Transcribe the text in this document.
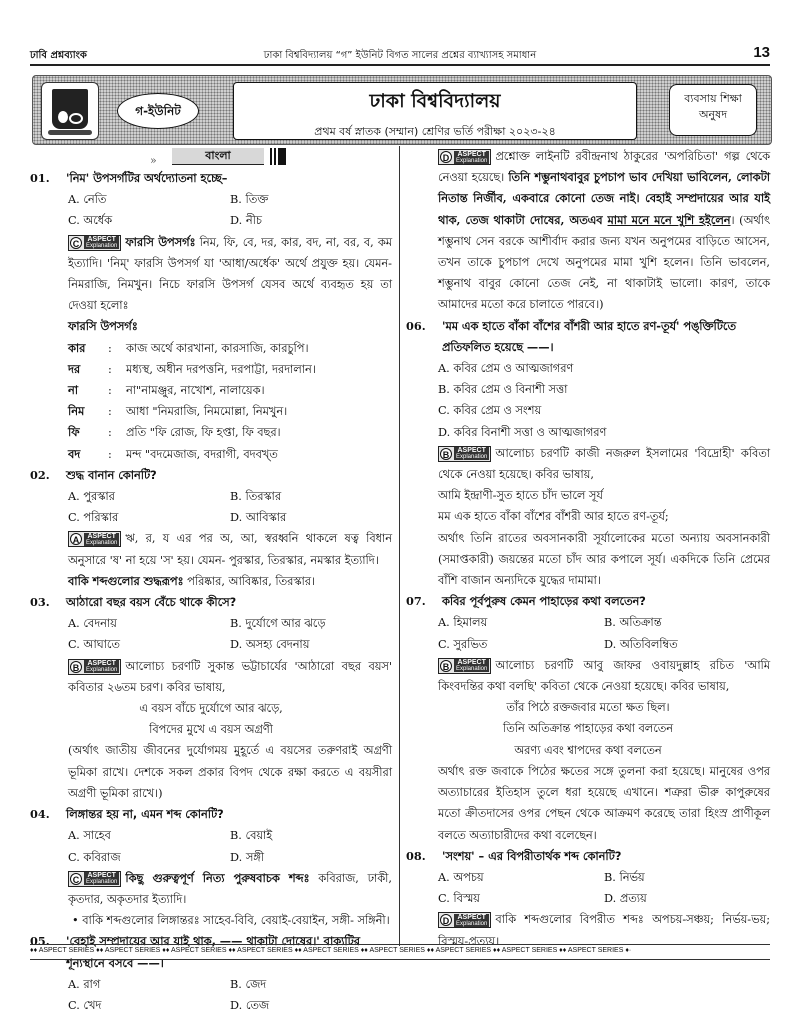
ঢাবি প্রশ্নব্যাংক	ঢাকা বিশ্ববিদ্যালয় “গ” ইউনিট বিগত সালের প্রশ্নের ব্যাখ্যাসহ সমাধান	13
গ-ইউনিট	ঢাকা বিশ্ববিদ্যালয়
প্রথম বর্ষ স্নাতক (সম্মান) শ্রেণির ভর্তি পরীক্ষা ২০২৩-২৪
ব্যবসায় শিক্ষা
অনুষদ
»	বাংলা
01. 'নিম' উপসর্গটির অর্থদ্যোতনা হচ্ছে–
A. নেতি	B. তিক্ত
C. অর্ধেক	D. নীচ
C	ASPECT
Explanation ফারসি উপসর্গঃ নিম, ফি, বে, দর, কার, বদ, না, বর, ব, কম ইত্যাদি। 'নিম্' ফারসি উপসর্গ যা 'আধা/অর্ধেক' অর্থে প্রযুক্ত হয়। যেমন- নিমরাজি, নিমখুন। নিচে ফারসি উপসর্গ যেসব অর্থে ব্যবহৃত হয় তা দেওয়া হলোঃ
ফারসি উপসর্গঃ
কার	:	কাজ অর্থে কারখানা, কারসাজি, কারচুপি।
দর	:	মধ্যস্থ, অধীন দরপত্তনি, দরপাট্টা, দরদালান।
না	:	না"নামঞ্জুর, নাখোশ, নালায়েক।
নিম	:	আধা "নিমরাজি, নিমমোল্লা, নিমখুন।
ফি	:	প্রতি "ফি রোজ, ফি হপ্তা, ফি বছর।
বদ	:	মন্দ "বদমেজাজ, বদরাগী, বদবখ্ত
02. শুদ্ধ বানান কোনটি?
A. পুরস্কার	B. তিরস্কার
C. পরিস্কার	D. আবিস্কার
A	ASPECT
Explanation ঋ, র, য এর পর অ, আ, স্বরধ্বনি থাকলে ষত্ব বিধান অনুসারে 'ষ' না হয়ে 'স' হয়। যেমন- পুরস্কার, তিরস্কার, নমস্কার ইত্যাদি।
বাকি শব্দগুলোর শুদ্ধরূপঃ পরিষ্কার, আবিষ্কার, তিরস্কার।
03. আঠারো বছর বয়স বেঁচে থাকে কীসে?
A. বেদনায়	B. দুর্যোগে আর ঝড়ে
C. আঘাতে	D. অসহ্য বেদনায়
B	ASPECT
Explanation আলোচ্য চরণটি সুকান্ত ভট্টাচার্যের 'আঠারো বছর বয়স' কবিতার ২৬তম চরণ। কবির ভাষায়,
এ বয়স বাঁচে দুর্যোগে আর ঝড়ে,
বিপদের মুখে এ বয়স অগ্রণী
(অর্থাৎ জাতীয় জীবনের দুর্যোগময় মুহূর্তে এ বয়সের তরুণরাই অগ্রণী ভূমিকা রাখে। দেশকে সকল প্রকার বিপদ থেকে রক্ষা করতে এ বয়সীরা অগ্রণী ভূমিকা রাখে।)
04. লিঙ্গান্তর হয় না, এমন শব্দ কোনটি?
A. সাহেব	B. বেয়াই
C. কবিরাজ	D. সঙ্গী
C	ASPECT
Explanation কিছু গুরুত্বপূর্ণ নিত্য পুরুষবাচক শব্দঃ কবিরাজ, ঢাকী, কৃতদার, অকৃতদার ইত্যাদি।
• বাকি শব্দগুলোর লিঙ্গান্তরঃ সাহেব-বিবি, বেয়াই-বেয়াইন, সঙ্গী- সঙ্গিনী।
05. 'বেহাই সম্প্রদায়ের আর যাই থাক, —— থাকাটা দোষের।' বাক্যটির শূন্যস্থানে বসবে ——।
A. রাগ	B. জেদ
C. খেদ	D. তেজ
D	ASPECT
Explanation প্রশ্নোক্ত লাইনটি রবীন্দ্রনাথ ঠাকুরের 'অপরিচিতা' গল্প থেকে নেওয়া হয়েছে। তিনি শম্ভুনাথবাবুর চুপচাপ ভাব দেখিয়া ভাবিলেন, লোকটা নিতান্ত নির্জীব, একবারে কোনো তেজ নাই। বেহাই সম্প্রদায়ের আর যাই থাক, তেজ থাকাটা দোষের, অতএব মামা মনে মনে খুশি হইলেন। (অর্থাৎ শম্ভুনাথ সেন বরকে আশীর্বাদ করার জন্য যখন অনুপমের বাড়িতে আসেন, তখন তাকে চুপচাপ দেখে অনুপমের মামা খুশি হলেন। তিনি ভাবলেন, শম্ভুনাথ বাবুর কোনো তেজ নেই, না থাকাটাই ভালো। কারণ, তাকে আমাদের মতো করে চালাতে পারবে।)
06. 'মম এক হাতে বাঁকা বাঁশের বাঁশরী আর হাতে রণ-তূর্য' পঙ্‌ক্তিটিতে প্রতিফলিত হয়েছে ——।
A. কবির প্রেম ও আত্মজাগরণ
B. কবির প্রেম ও বিনাশী সত্তা
C. কবির প্রেম ও সংশয়
D. কবির বিনাশী সত্তা ও আত্মজাগরণ
B	ASPECT
Explanation আলোচ্য চরণটি কাজী নজরুল ইসলামের 'বিদ্রোহী' কবিতা থেকে নেওয়া হয়েছে। কবির ভাষায়,
আমি ইন্দ্রাণী-সুত হাতে চাঁদ ভালে সূর্য
মম এক হাতে বাঁকা বাঁশের বাঁশরী আর হাতে রণ-তূর্য;
অর্থাৎ তিনি রাতের অবসানকারী সূর্যালোকের মতো অন্যায় অবসানকারী (সমাপ্তকারী) জয়ন্তের মতো চাঁদ আর কপালে সূর্য। একদিকে তিনি প্রেমের বাঁশি বাজান অন্যদিকে যুদ্ধের দামামা।
07. কবির পূর্বপুরুষ কেমন পাহাড়ের কথা বলতেন?
A. হিমালয়	B. অতিক্রান্ত
C. সুরভিত	D. অতিবিলম্বিত
B	ASPECT
Explanation আলোচ্য চরণটি আবু জাফর ওবায়দুল্লাহ রচিত 'আমি কিংবদন্তির কথা বলছি' কবিতা থেকে নেওয়া হয়েছে। কবির ভাষায়,
তাঁর পিঠে রক্তজবার মতো ক্ষত ছিল।
তিনি অতিক্রান্ত পাহাড়ের কথা বলতেন
অরণ্য এবং শ্বাপদের কথা বলতেন
অর্থাৎ রক্ত জবাকে পিঠের ক্ষতের সঙ্গে তুলনা করা হয়েছে। মানুষের ওপর অত্যাচারের ইতিহাস তুলে ধরা হয়েছে এখানে। শত্রুরা ভীরু কাপুরুষের মতো ক্রীতদাসের ওপর পেছন থেকে আক্রমণ করেছে তারা হিংস্র প্রাণীকূল বলতে অত্যাচারীদের কথা বলেছেন।
08. 'সংশয়' – এর বিপরীতার্থক শব্দ কোনটি?
A. অপচয়	B. নির্ভয়
C. বিস্ময়	D. প্রত্যয়
D	ASPECT
Explanation বাকি শব্দগুলোর বিপরীত শব্দঃ অপচয়-সঞ্চয়; নির্ভয়-ভয়; বিস্ময়-প্রত্যয়।
♦♦ ASPECT SERIES ♦♦ ASPECT SERIES ♦♦ ASPECT SERIES ♦♦ ASPECT SERIES ♦♦ ASPECT SERIES ♦♦ ASPECT SERIES ♦♦ ASPECT SERIES ♦♦ ASPECT SERIES ♦♦ ASPECT SERIES ♦·
